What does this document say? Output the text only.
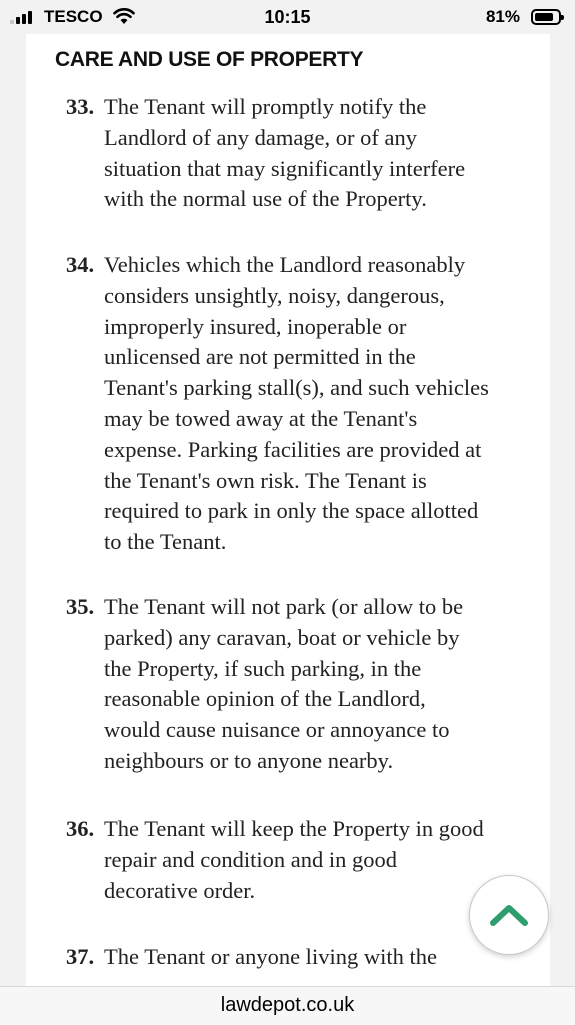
TESCO	10:15	81%
CARE AND USE OF PROPERTY
33. The Tenant will promptly notify the
Landlord of any damage, or of any
situation that may significantly interfere
with the normal use of the Property.
34. Vehicles which the Landlord reasonably
considers unsightly, noisy, dangerous,
improperly insured, inoperable or
unlicensed are not permitted in the
Tenant's parking stall(s), and such vehicles
may be towed away at the Tenant's
expense. Parking facilities are provided at
the Tenant's own risk. The Tenant is
required to park in only the space allotted
to the Tenant.
35. The Tenant will not park (or allow to be
parked) any caravan, boat or vehicle by
the Property, if such parking, in the
reasonable opinion of the Landlord,
would cause nuisance or annoyance to
neighbours or to anyone nearby.
36. The Tenant will keep the Property in good
repair and condition and in good
decorative order.
37. The Tenant or anyone living with the
lawdepot.co.uk
